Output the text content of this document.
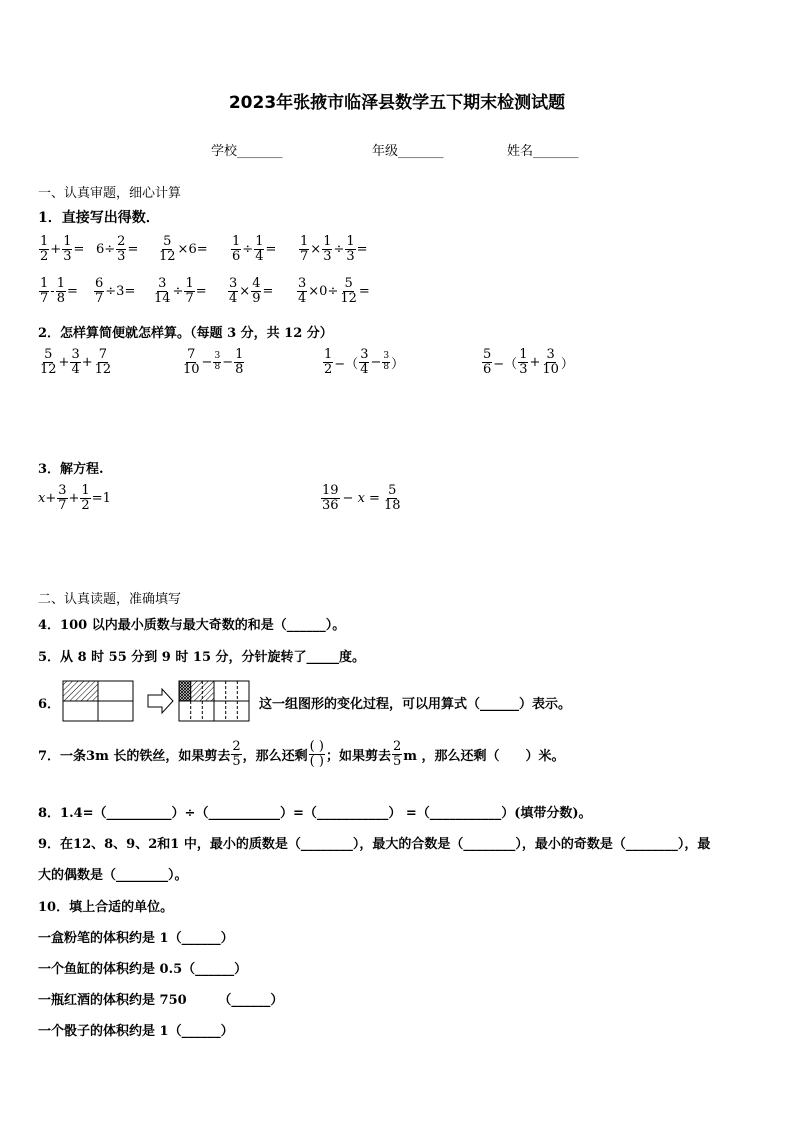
2023年张掖市临泽县数学五下期末检测试题
学校_______	年级_______	姓名_______
一、认真审题，细心计算
1．直接写出得数．
$\frac{1}{2} + \frac{1}{3} = 6\div \frac{2}{3} = \frac{5}{12} \times 6= \frac{1}{6} \div \frac{1}{4} = \frac{1}{7} \times \frac{1}{3} \div \frac{1}{3}$ =
$\frac{1}{7} - \frac{1}{8} = \frac{6}{7} \div 3= \frac{3}{14} \div \frac{1}{7} = \frac{3}{4} \times \frac{4}{9} = \frac{3}{4} \times 0\div \frac{5}{12}$ =
2．怎样算简便就怎样算。（每题 3 分，共 12 分）
$\frac{5}{12} + \frac{3}{4} + \frac{7}{12}$	$\frac{7}{10} - \frac{3}{8} - \frac{1}{8}$	$\frac{1}{2}$ −（ $\frac{3}{4} - \frac{3}{8}$ ）	$\frac{5}{6}$ −（ $\frac{1}{3} + \frac{3}{10}$ ）
3．解方程.
$x+ \frac{3}{7} + \frac{1}{2} =1$	$\frac{19}{36} - x = \frac{5}{18}$
二、认真读题，准确填写
4．100 以内最小质数与最大奇数的和是（______）。
5．从 8 时 55 分到 9 时 15 分，分针旋转了_____度。
6．	这一组图形的变化过程，可以用算式（______）表示。
7．一条3m 长的铁丝，如果剪去 $\frac{2}{5}$ ，那么还剩 $\frac{( )}{( )}$ ；如果剪去 $\frac{2}{5}$ m ，那么还剩（　　）米。
8．1.4=（__________）÷（___________）=（___________） =（___________）(填带分数)。
9．在12、8、9、2和1 中，最小的质数是（________），最大的合数是（________），最小的奇数是（________），最
大的偶数是（________）。
10．填上合适的单位。
一盒粉笔的体积约是 1（______）
一个鱼缸的体积约是 0.5（______）
一瓶红酒的体积约是 750       （______）
一个骰子的体积约是 1（______）
